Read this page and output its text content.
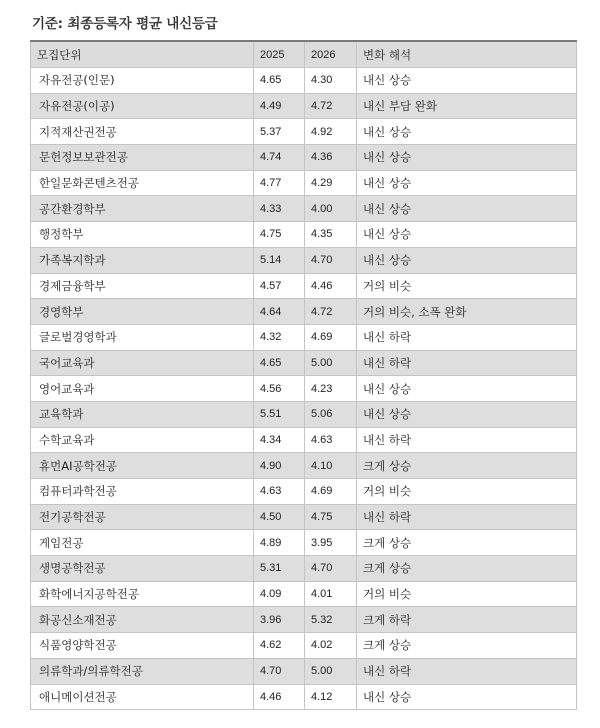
기준: 최종등록자 평균 내신등급
모집단위	2025	2026	변화 해석
자유전공(인문)	4.65	4.30	내신 상승
자유전공(이공)	4.49	4.72	내신 부담 완화
지적재산권전공	5.37	4.92	내신 상승
문헌정보보관전공	4.74	4.36	내신 상승
한일문화콘텐츠전공	4.77	4.29	내신 상승
공간환경학부	4.33	4.00	내신 상승
행정학부	4.75	4.35	내신 상승
가족복지학과	5.14	4.70	내신 상승
경제금융학부	4.57	4.46	거의 비슷
경영학부	4.64	4.72	거의 비슷, 소폭 완화
글로벌경영학과	4.32	4.69	내신 하락
국어교육과	4.65	5.00	내신 하락
영어교육과	4.56	4.23	내신 상승
교육학과	5.51	5.06	내신 상승
수학교육과	4.34	4.63	내신 하락
휴먼AI공학전공	4.90	4.10	크게 상승
컴퓨터과학전공	4.63	4.69	거의 비슷
전기공학전공	4.50	4.75	내신 하락
게임전공	4.89	3.95	크게 상승
생명공학전공	5.31	4.70	크게 상승
화학에너지공학전공	4.09	4.01	거의 비슷
화공신소재전공	3.96	5.32	크게 하락
식품영양학전공	4.62	4.02	크게 상승
의류학과/의류학전공	4.70	5.00	내신 하락
애니메이션전공	4.46	4.12	내신 상승
